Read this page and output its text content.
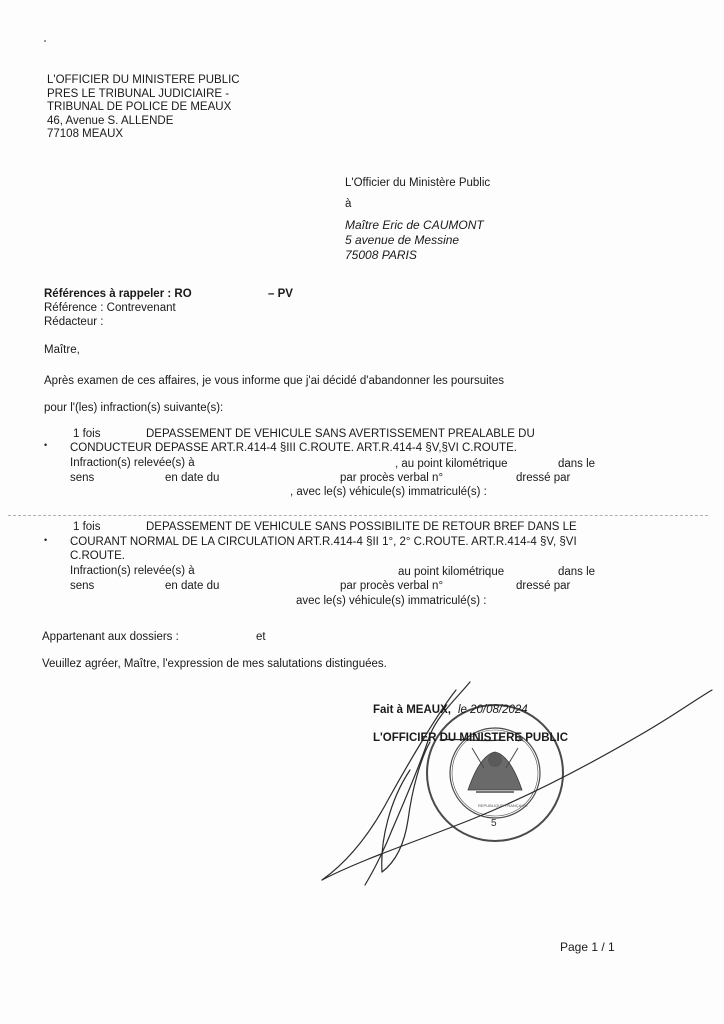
L'OFFICIER DU MINISTERE PUBLIC
PRES LE TRIBUNAL JUDICIAIRE -
TRIBUNAL DE POLICE DE MEAUX
46, Avenue S. ALLENDE
77108 MEAUX
L'Officier du Ministère Public
à
Maître Eric de CAUMONT
5 avenue de Messine
75008 PARIS
Références à rappeler : RO	– PV
Référence : Contrevenant
Rédacteur :
Maître,
Après examen de ces affaires, je vous informe que j'ai décidé d'abandonner les poursuites
pour l'(les) infraction(s) suivante(s):
•
1 fois	DEPASSEMENT DE VEHICULE SANS AVERTISSEMENT PREALABLE DU
CONDUCTEUR DEPASSE ART.R.414-4 §III C.ROUTE. ART.R.414-4 §V,§VI C.ROUTE.
Infraction(s) relevée(s) à	, au point kilométrique	dans le
sens	en date du	par procès verbal n°	dressé par
, avec le(s) véhicule(s) immatriculé(s) :
•
1 fois	DEPASSEMENT DE VEHICULE SANS POSSIBILITE DE RETOUR BREF DANS LE
COURANT NORMAL DE LA CIRCULATION ART.R.414-4 §II 1°, 2° C.ROUTE. ART.R.414-4 §V, §VI
C.ROUTE.
Infraction(s) relevée(s) à	au point kilométrique	dans le
sens	en date du	par procès verbal n°	dressé par
avec le(s) véhicule(s) immatriculé(s) :
Appartenant aux dossiers :	et
Veuillez agréer, Maître, l'expression de mes salutations distinguées.
5
REPUBLIQUE FRANÇAISE
Fait à MEAUX, le 20/08/2024
L'OFFICIER DU MINISTERE PUBLIC
Page 1 / 1
